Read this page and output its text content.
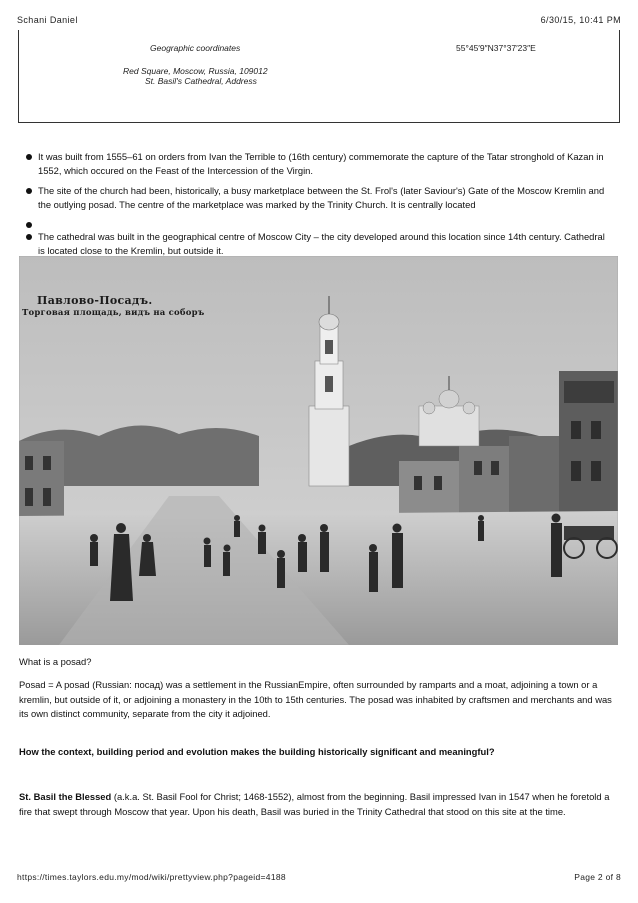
Schani Daniel	6/30/15, 10:41 PM
Geographic coordinates	55°45′9″N37°37′23″E
Red Square, Moscow, Russia, 109012
St. Basil's Cathedral, Address
It was built from 1555–61 on orders from Ivan the Terrible to (16th century) commemorate the capture of the Tatar stronghold of Kazan in 1552, which occured on the Feast of the Intercession of the Virgin.
The site of the church had been, historically, a busy marketplace between the St. Frol's (later Saviour's) Gate of the Moscow Kremlin and the outlying posad. The centre of the marketplace was marked by the Trinity Church. It is centrally located
The cathedral was built in the geographical centre of Moscow City – the city developed around this location since 14th century. Cathedral is located close to the Kremlin, but outside it.
Павлово-Посадъ.
Торговая площадь, видъ на соборъ
What is a posad?
Posad = A posad (Russian: посад) was a settlement in the RussianEmpire, often surrounded by ramparts and a moat, adjoining a town or a kremlin, but outside of it, or adjoining a monastery in the 10th to 15th centuries. The posad was inhabited by craftsmen and merchants and was its own distinct community, separate from the city it adjoined.
How the context, building period and evolution makes the building historically significant and meaningful?
St. Basil the Blessed (a.k.a. St. Basil Fool for Christ; 1468-1552), almost from the beginning. Basil impressed Ivan in 1547 when he foretold a fire that swept through Moscow that year. Upon his death, Basil was buried in the Trinity Cathedral that stood on this site at the time.
https://times.taylors.edu.my/mod/wiki/prettyview.php?pageid=4188	Page 2 of 8
